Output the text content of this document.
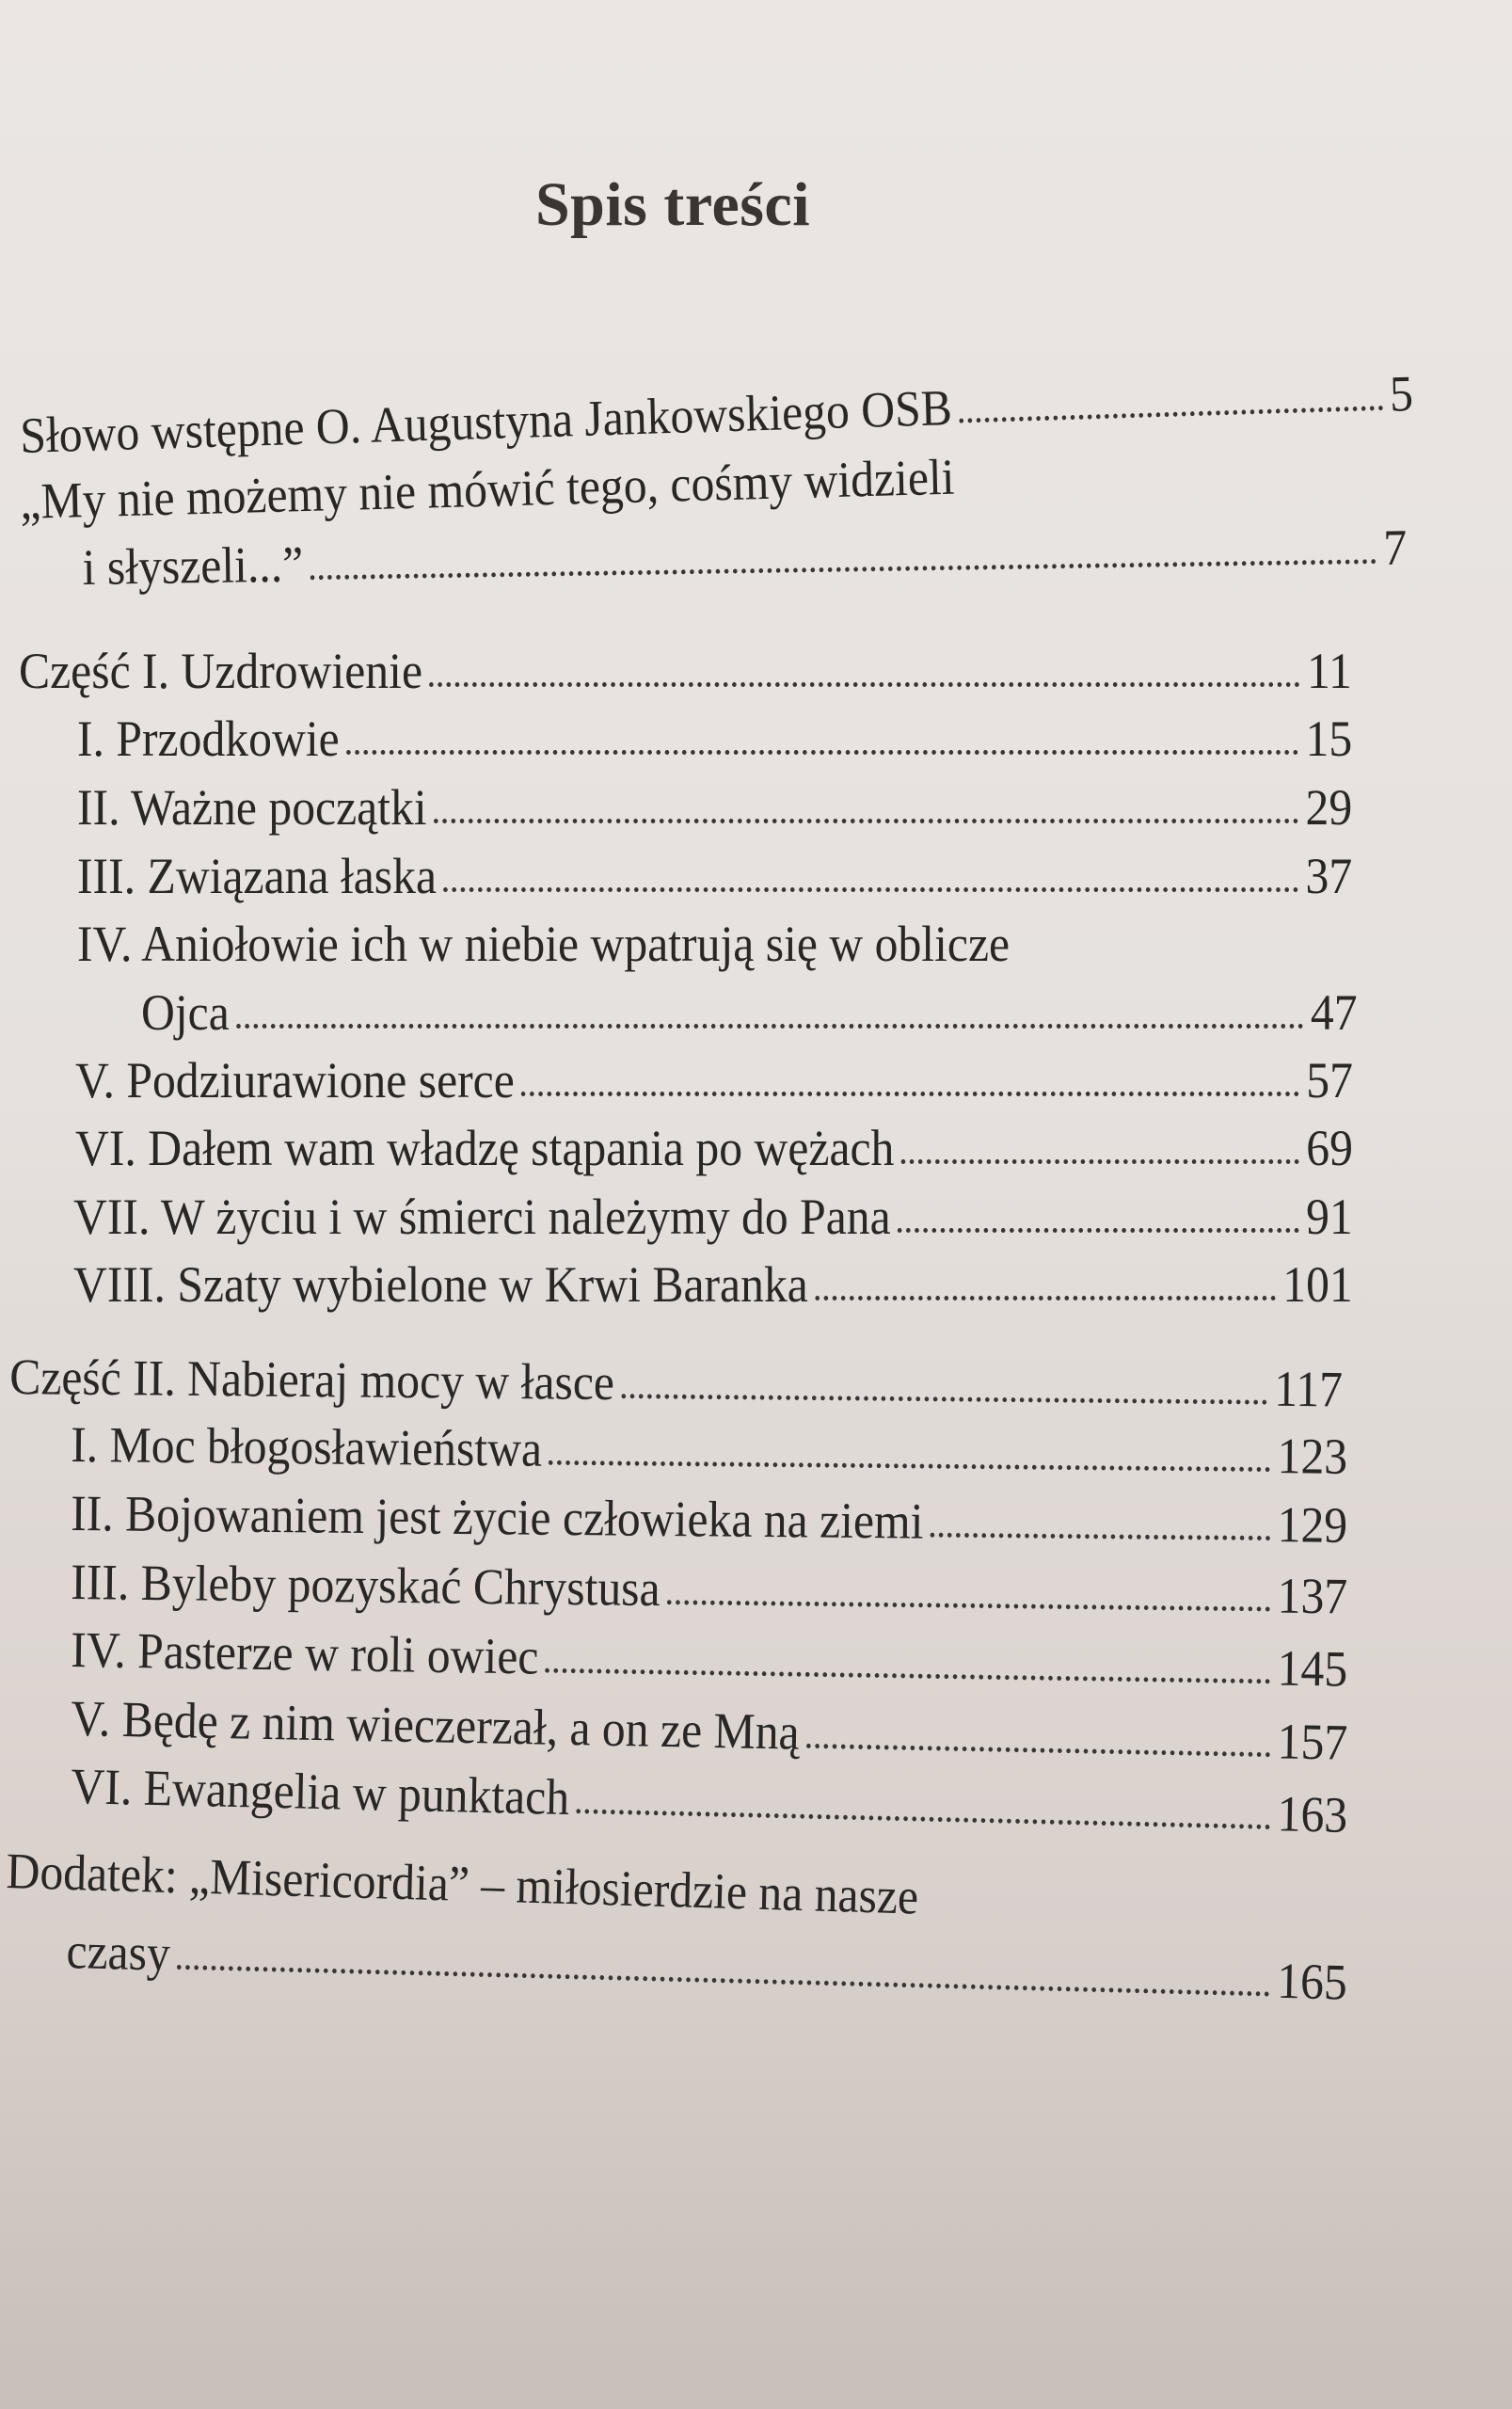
Spis treści
Słowo wstępne O. Augustyna Jankowskiego OSB	5
„My nie możemy nie mówić tego, cośmy widzieli
i słyszeli...”	7
Część I. Uzdrowienie	11
I. Przodkowie	15
II. Ważne początki	29
III. Związana łaska	37
IV. Aniołowie ich w niebie wpatrują się w oblicze
Ojca	47
V. Podziurawione serce	57
VI. Dałem wam władzę stąpania po wężach	69
VII. W życiu i w śmierci należymy do Pana	91
VIII. Szaty wybielone w Krwi Baranka	101
Część II. Nabieraj mocy w łasce	117
I. Moc błogosławieństwa	123
II. Bojowaniem jest życie człowieka na ziemi	129
III. Byleby pozyskać Chrystusa	137
IV. Pasterze w roli owiec	145
V. Będę z nim wieczerzał, a on ze Mną	157
VI. Ewangelia w punktach	163
Dodatek: „Misericordia” – miłosierdzie na nasze
czasy	165
